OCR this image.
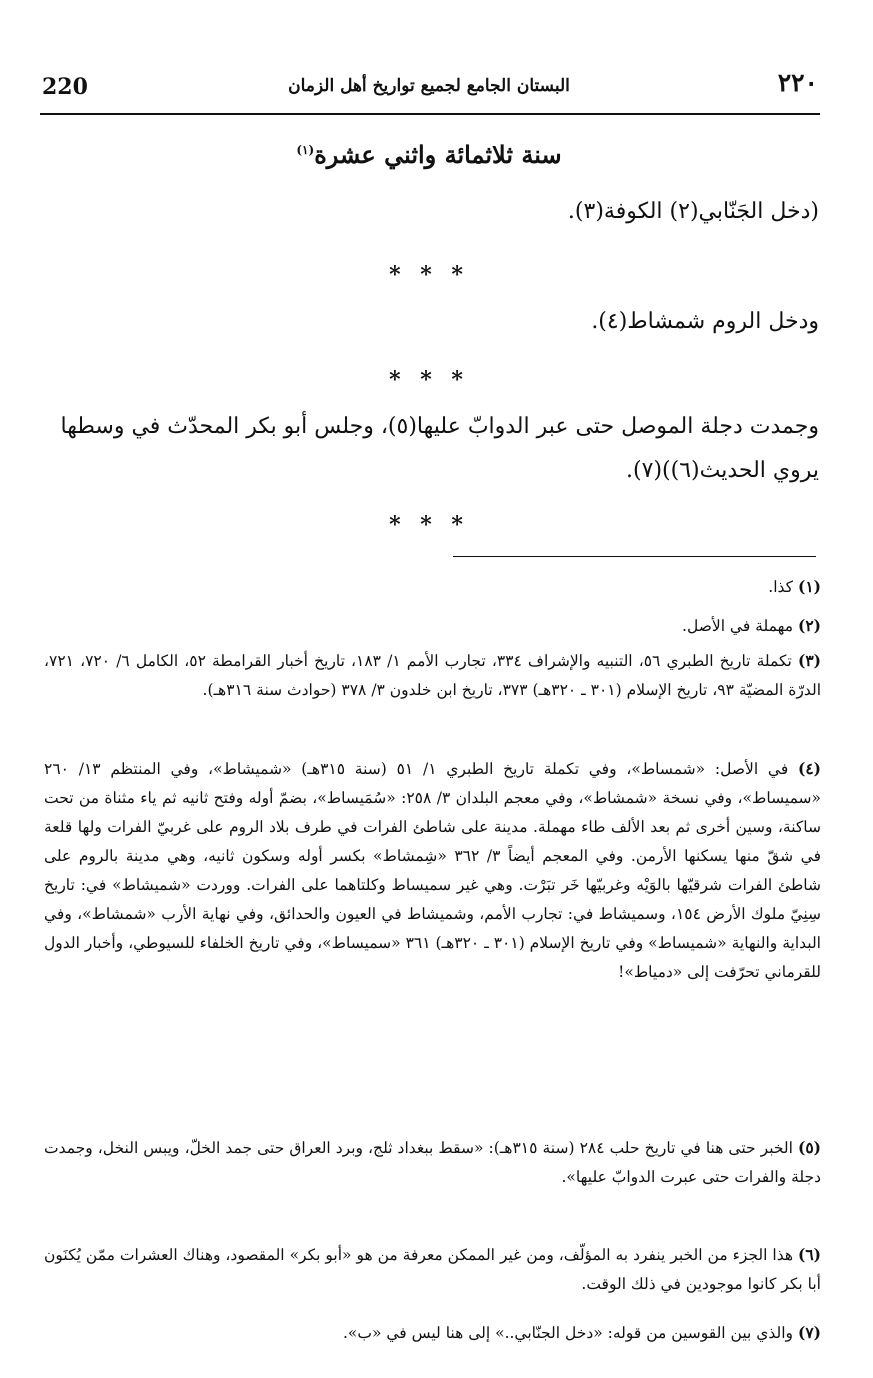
220	البستان الجامع لجميع تواريخ أهل الزمان	٢٢٠
سنة ثلاثمائة واثني عشرة$^{(١)}$
(دخل الجَنّابي(٢) الكوفة(٣).
* * *
ودخل الروم شمشاط(٤).
* * *
وجمدت دجلة الموصل حتى عبر الدوابّ عليها(٥)، وجلس أبو بكر المحدّث في وسطها يروي الحديث(٦))(٧).
* * *
(١) كذا.
(٢) مهملة في الأصل.
(٣) تكملة تاريخ الطبري ٥٦، التنبيه والإشراف ٣٣٤، تجارب الأمم ١/ ١٨٣، تاريخ أخبار القرامطة ٥٢، الكامل ٦/ ٧٢٠، ٧٢١، الدرّة المضيّة ٩٣، تاريخ الإسلام (٣٠١ ـ ٣٢٠هـ) ٣٧٣، تاريخ ابن خلدون ٣/ ٣٧٨ (حوادث سنة ٣١٦هـ).
(٤) في الأصل: «شمساط»، وفي تكملة تاريخ الطبري ١/ ٥١ (سنة ٣١٥هـ) «شميشاط»، وفي المنتظم ١٣/ ٢٦٠ «سميساط»، وفي نسخة «شمشاط»، وفي معجم البلدان ٣/ ٢٥٨: «سُمَيساط»، بضمّ أوله وفتح ثانيه ثم ياء مثناة من تحت ساكنة، وسين أخرى ثم بعد الألف طاء مهملة. مدينة على شاطئ الفرات في طرف بلاد الروم على غربيّ الفرات ولها قلعة في شقّ منها يسكنها الأرمن. وفي المعجم أيضاً ٣/ ٣٦٢ «شِمشاط» بكسر أوله وسكون ثانيه، وهي مدينة بالروم على شاطئ الفرات شرقيّها بالوَيْه وغربيّها خَر تبَرْت. وهي غير سميساط وكلتاهما على الفرات. ووردت «شميشاط» في: تاريخ سِنِيّ ملوك الأرض ١٥٤، وسميشاط في: تجارب الأمم، وشميشاط في العيون والحدائق، وفي نهاية الأرب «شمشاط»، وفي البداية والنهاية «شميساط» وفي تاريخ الإسلام (٣٠١ ـ ٣٢٠هـ) ٣٦١ «سميساط»، وفي تاريخ الخلفاء للسيوطي، وأخبار الدول للقرماني تحرّفت إلى «دمياط»!
(٥) الخبر حتى هنا في تاريخ حلب ٢٨٤ (سنة ٣١٥هـ): «سقط ببغداد ثلج، وبرد العراق حتى جمد الخلّ، ويبس النخل، وجمدت دجلة والفرات حتى عبرت الدوابّ عليها».
(٦) هذا الجزء من الخبر ينفرد به المؤلّف، ومن غير الممكن معرفة من هو «أبو بكر» المقصود، وهناك العشرات ممّن يُكنَون أبا بكر كانوا موجودين في ذلك الوقت.
(٧) والذي بين القوسين من قوله: «دخل الجنّابي..» إلى هنا ليس في «ب».
